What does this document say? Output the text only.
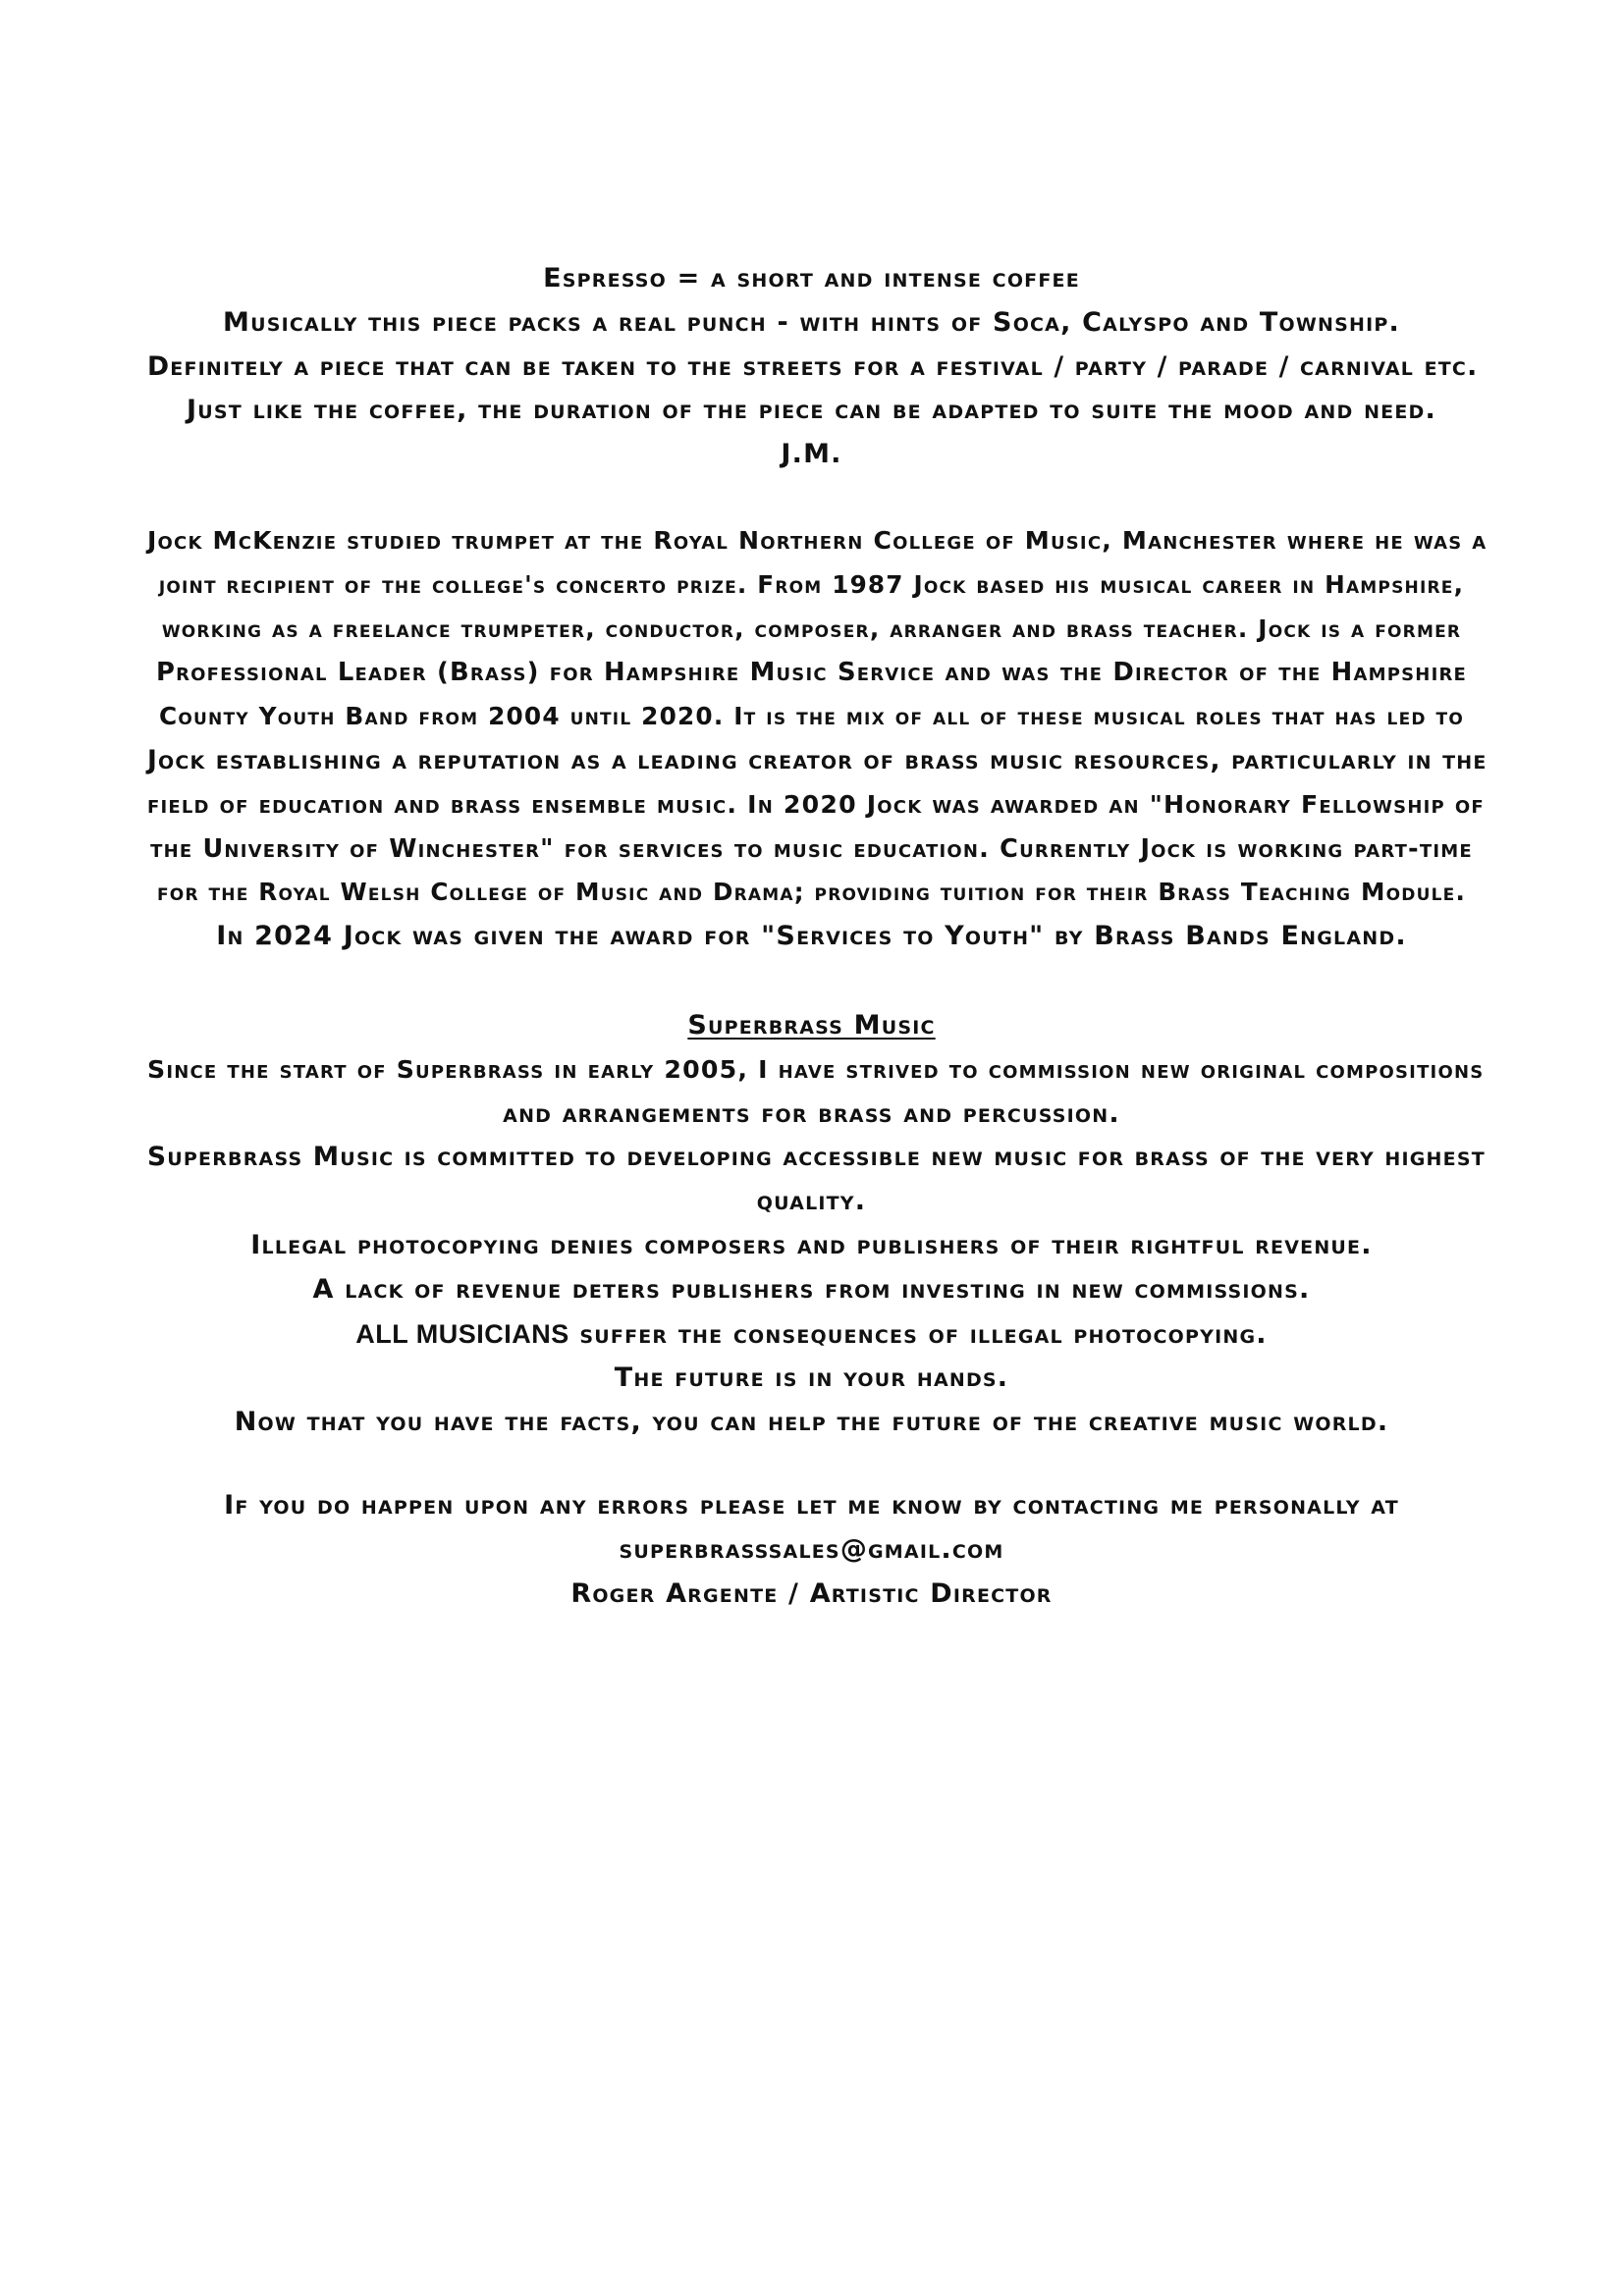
Espresso = a short and intense coffee
Musically this piece packs a real punch - with hints of Soca, Calyspo and Township.
Definitely a piece that can be taken to the streets for a festival / party / parade / carnival etc.
Just like the coffee, the duration of the piece can be adapted to suite the mood and need.
J.M.
Jock McKenzie studied trumpet at the Royal Northern College of Music, Manchester where he was a
joint recipient of the college's concerto prize. From 1987 Jock based his musical career in Hampshire,
working as a freelance trumpeter, conductor, composer, arranger and brass teacher. Jock is a former
Professional Leader (Brass) for Hampshire Music Service and was the Director of the Hampshire
County Youth Band from 2004 until 2020. It is the mix of all of these musical roles that has led to
Jock establishing a reputation as a leading creator of brass music resources, particularly in the
field of education and brass ensemble music. In 2020 Jock was awarded an "Honorary Fellowship of
the University of Winchester" for services to music education. Currently Jock is working part-time
for the Royal Welsh College of Music and Drama; providing tuition for their Brass Teaching Module.
In 2024 Jock was given the award for "Services to Youth" by Brass Bands England.
Superbrass Music
Since the start of Superbrass in early 2005, I have strived to commission new original compositions
and arrangements for brass and percussion.
Superbrass Music is committed to developing accessible new music for brass of the very highest
quality.
Illegal photocopying denies composers and publishers of their rightful revenue.
A lack of revenue deters publishers from investing in new commissions.
ALL MUSICIANS suffer the consequences of illegal photocopying.
The future is in your hands.
Now that you have the facts, you can help the future of the creative music world.
If you do happen upon any errors please let me know by contacting me personally at
superbrasssales@gmail.com
Roger Argente / Artistic Director
